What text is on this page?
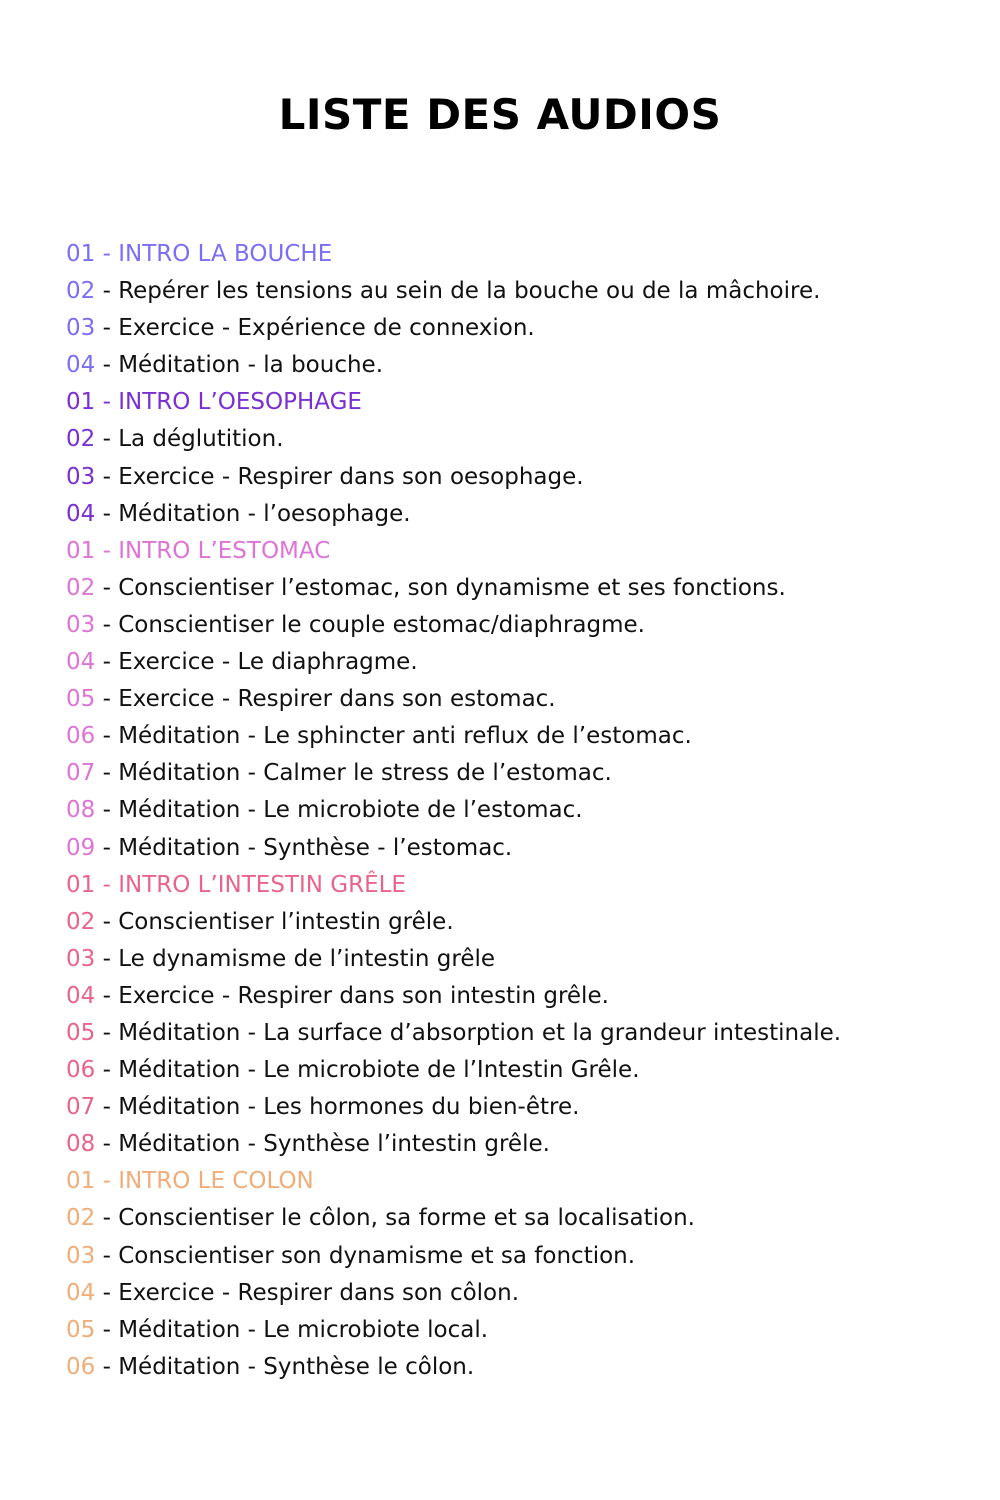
LISTE DES AUDIOS
01 - INTRO LA BOUCHE
02 - Repérer les tensions au sein de la bouche ou de la mâchoire.
03 - Exercice - Expérience de connexion.
04 - Méditation - la bouche.
01 - INTRO L’OESOPHAGE
02 - La déglutition.
03 - Exercice - Respirer dans son oesophage.
04 - Méditation - l’oesophage.
01 - INTRO L’ESTOMAC
02 - Conscientiser l’estomac, son dynamisme et ses fonctions.
03 - Conscientiser le couple estomac/diaphragme.
04 - Exercice - Le diaphragme.
05 - Exercice - Respirer dans son estomac.
06 - Méditation - Le sphincter anti reflux de l’estomac.
07 - Méditation - Calmer le stress de l’estomac.
08 - Méditation - Le microbiote de l’estomac.
09 - Méditation - Synthèse - l’estomac.
01 - INTRO L’INTESTIN GRÊLE
02 - Conscientiser l’intestin grêle.
03 - Le dynamisme de l’intestin grêle
04 - Exercice - Respirer dans son intestin grêle.
05 - Méditation - La surface d’absorption et la grandeur intestinale.
06 - Méditation - Le microbiote de l’Intestin Grêle.
07 - Méditation - Les hormones du bien-être.
08 - Méditation - Synthèse l’intestin grêle.
01 - INTRO LE COLON
02 - Conscientiser le côlon, sa forme et sa localisation.
03 - Conscientiser son dynamisme et sa fonction.
04 - Exercice - Respirer dans son côlon.
05 - Méditation - Le microbiote local.
06 - Méditation - Synthèse le côlon.
